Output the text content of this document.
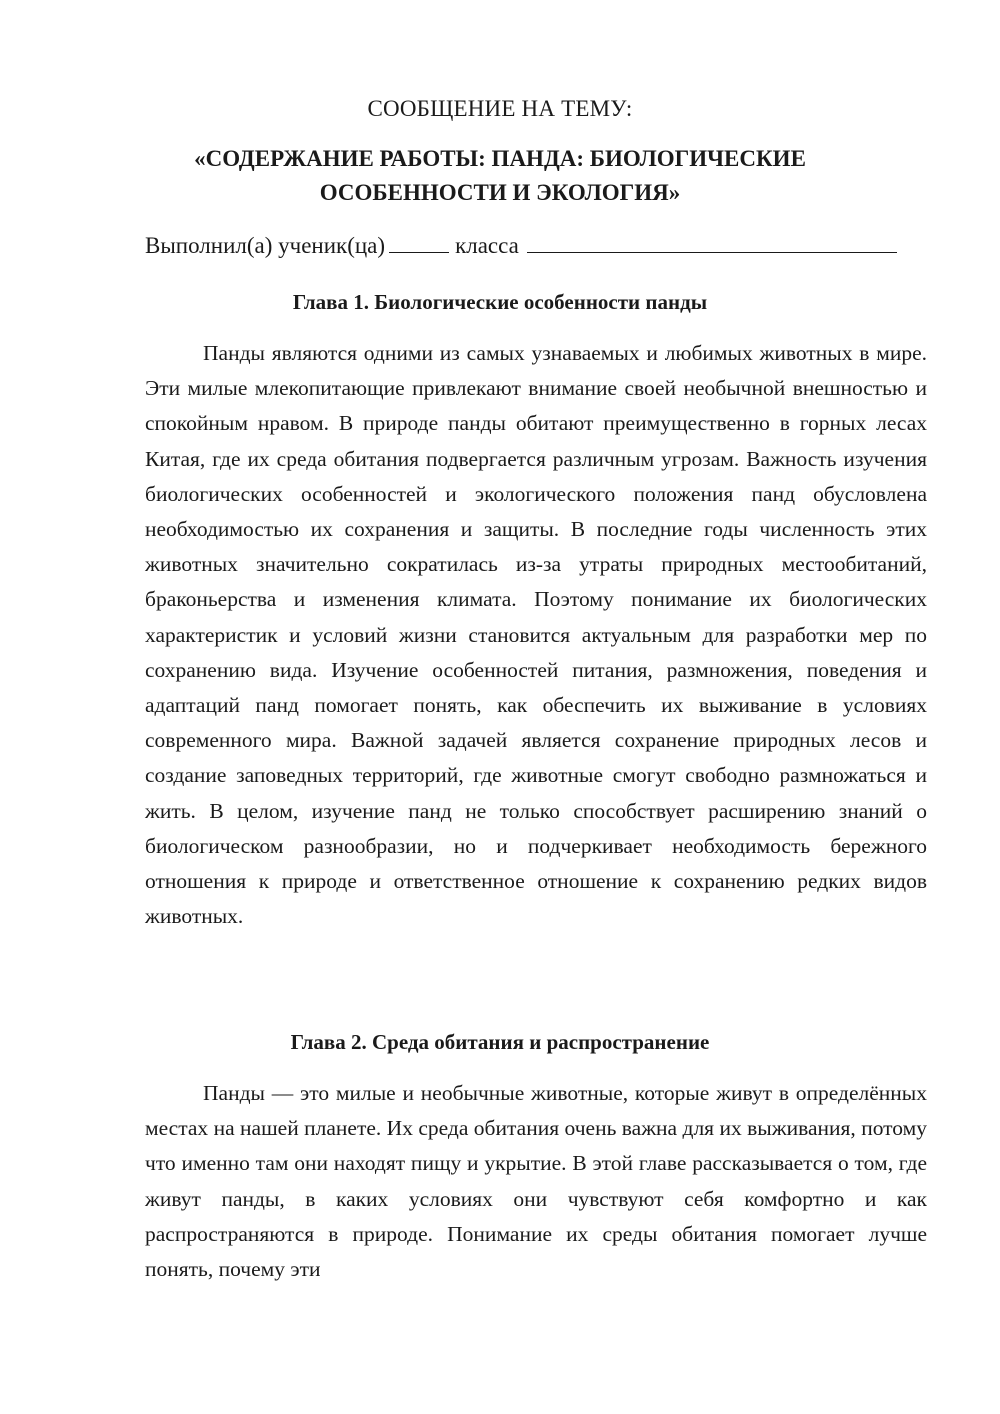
СООБЩЕНИЕ НА ТЕМУ:
«СОДЕРЖАНИЕ РАБОТЫ: ПАНДА: БИОЛОГИЧЕСКИЕ ОСОБЕННОСТИ И ЭКОЛОГИЯ»
Выполнил(а) ученик(ца)	класса
Глава 1. Биологические особенности панды

Панды являются одними из самых узнаваемых и любимых животных в мире. Эти милые млекопитающие привлекают внимание своей необычной внешностью и спокойным нравом. В природе панды обитают преимущественно в горных лесах Китая, где их среда обитания подвергается различным угрозам. Важность изучения биологических особенностей и экологического положения панд обусловлена необходимостью их сохранения и защиты. В последние годы численность этих животных значительно сократилась из-за утраты природных местообитаний, браконьерства и изменения климата. Поэтому понимание их биологических характеристик и условий жизни становится актуальным для разработки мер по сохранению вида. Изучение особенностей питания, размножения, поведения и адаптаций панд помогает понять, как обеспечить их выживание в условиях современного мира. Важной задачей является сохранение природных лесов и создание заповедных территорий, где животные смогут свободно размножаться и жить. В целом, изучение панд не только способствует расширению знаний о биологическом разнообразии, но и подчеркивает необходимость бережного отношения к природе и ответственное отношение к сохранению редких видов животных.

Глава 2. Среда обитания и распространение

Панды — это милые и необычные животные, которые живут в определённых местах на нашей планете. Их среда обитания очень важна для их выживания, потому что именно там они находят пищу и укрытие. В этой главе рассказывается о том, где живут панды, в каких условиях они чувствуют себя комфортно и как распространяются в природе. Понимание их среды обитания помогает лучше понять, почему эти
